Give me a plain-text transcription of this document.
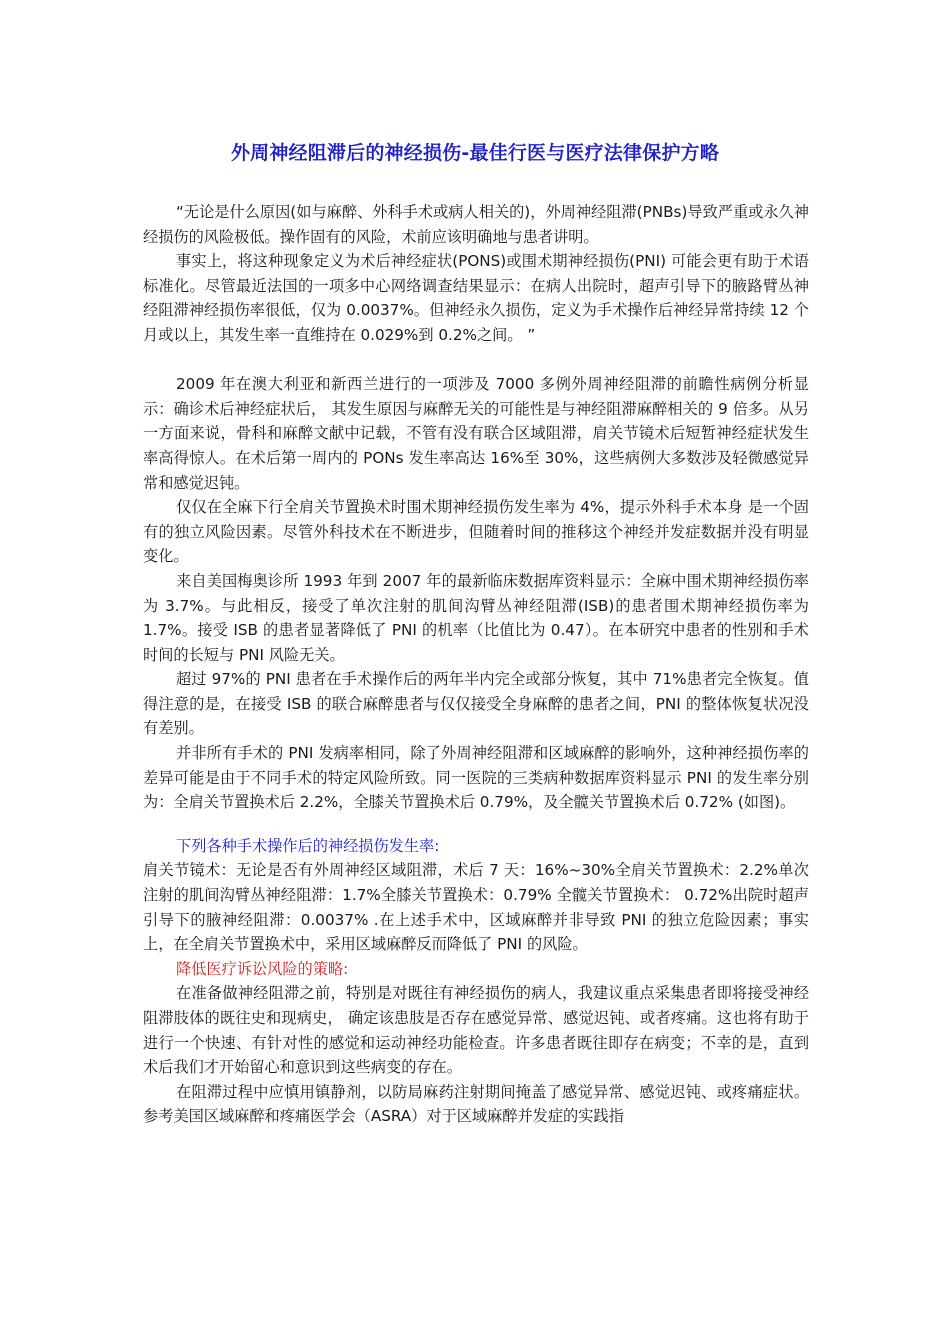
外周神经阻滞后的神经损伤-最佳行医与医疗法律保护方略

“无论是什么原因(如与麻醉、外科手术或病人相关的)，外周神经阻滞(PNBs)导致严重或永久神经损伤的风险极低。操作固有的风险，术前应该明确地与患者讲明。

事实上，将这种现象定义为术后神经症状(PONS)或围术期神经损伤(PNI) 可能会更有助于术语标准化。尽管最近法国的一项多中心网络调查结果显示：在病人出院时，超声引导下的腋路臂丛神经阻滞神经损伤率很低，仅为 0.0037%。但神经永久损伤，定义为手术操作后神经异常持续 12 个月或以上，其发生率一直维持在 0.029%到 0.2%之间。 ”

2009 年在澳大利亚和新西兰进行的一项涉及 7000 多例外周神经阻滞的前瞻性病例分析显示：确诊术后神经症状后， 其发生原因与麻醉无关的可能性是与神经阻滞麻醉相关的 9 倍多。从另一方面来说，骨科和麻醉文献中记载，不管有没有联合区域阻滞，肩关节镜术后短暂神经症状发生率高得惊人。在术后第一周内的 PONs 发生率高达 16%至 30%，这些病例大多数涉及轻微感觉异常和感觉迟钝。

仅仅在全麻下行全肩关节置换术时围术期神经损伤发生率为 4%，提示外科手术本身 是一个固有的独立风险因素。尽管外科技术在不断进步，但随着时间的推移这个神经并发症数据并没有明显变化。

来自美国梅奥诊所 1993 年到 2007 年的最新临床数据库资料显示：全麻中围术期神经损伤率为 3.7%。与此相反，接受了单次注射的肌间沟臂丛神经阻滞(ISB)的患者围术期神经损伤率为 1.7%。接受 ISB 的患者显著降低了 PNI 的机率（比值比为 0.47）。在本研究中患者的性别和手术时间的长短与 PNI 风险无关。

超过 97%的 PNI 患者在手术操作后的两年半内完全或部分恢复，其中 71%患者完全恢复。值得注意的是，在接受 ISB 的联合麻醉患者与仅仅接受全身麻醉的患者之间，PNI 的整体恢复状况没有差别。

并非所有手术的 PNI 发病率相同，除了外周神经阻滞和区域麻醉的影响外，这种神经损伤率的差异可能是由于不同手术的特定风险所致。同一医院的三类病种数据库资料显示 PNI 的发生率分别为：全肩关节置换术后 2.2%，全膝关节置换术后 0.79%，及全髋关节置换术后 0.72% (如图)。

下列各种手术操作后的神经损伤发生率:

肩关节镜术：无论是否有外周神经区域阻滞，术后 7 天：16%~30%全肩关节置换术：2.2%单次注射的肌间沟臂丛神经阻滞：1.7%全膝关节置换术：0.79% 全髋关节置换术： 0.72%出院时超声引导下的腋神经阻滞：0.0037% .在上述手术中，区域麻醉并非导致 PNI 的独立危险因素；事实上，在全肩关节置换术中，采用区域麻醉反而降低了 PNI 的风险。

降低医疗诉讼风险的策略:

在准备做神经阻滞之前，特别是对既往有神经损伤的病人，我建议重点采集患者即将接受神经阻滞肢体的既往史和现病史， 确定该患肢是否存在感觉异常、感觉迟钝、或者疼痛。这也将有助于进行一个快速、有针对性的感觉和运动神经功能检查。许多患者既往即存在病变；不幸的是，直到术后我们才开始留心和意识到这些病变的存在。

在阻滞过程中应慎用镇静剂，以防局麻药注射期间掩盖了感觉异常、感觉迟钝、或疼痛症状。参考美国区域麻醉和疼痛医学会（ASRA）对于区域麻醉并发症的实践指
